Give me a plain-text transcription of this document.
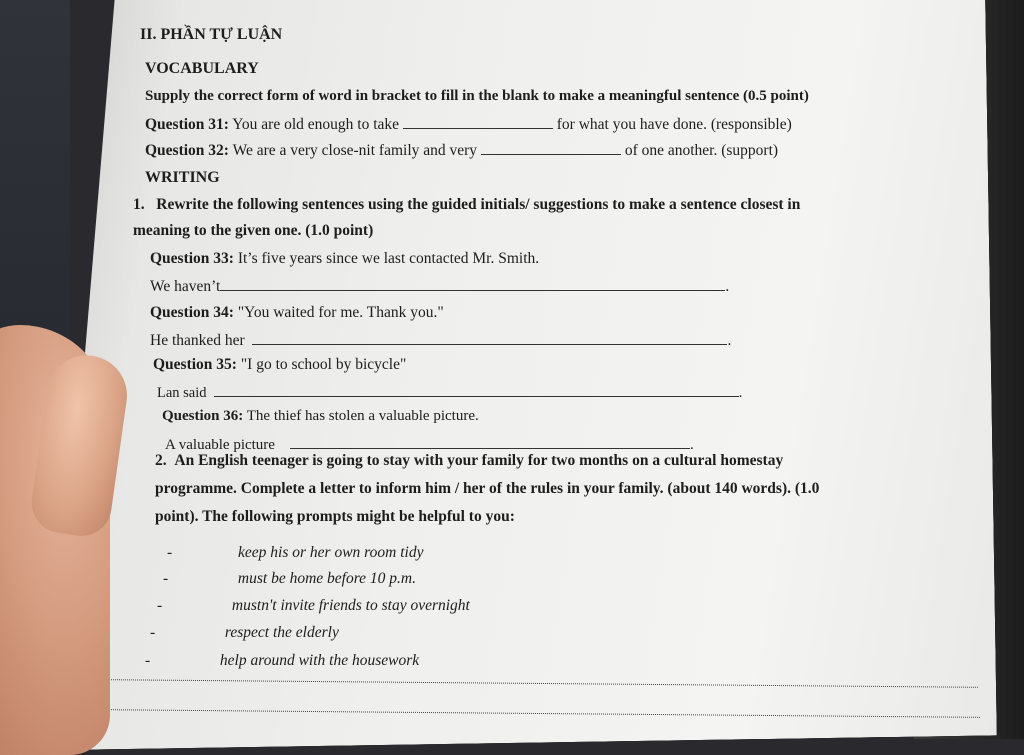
II. PHẦN TỰ LUẬN
VOCABULARY
Supply the correct form of word in bracket to fill in the blank to make a meaningful sentence (0.5 point)
Question 31: You are old enough to take	for what you have done. (responsible)
Question 32: We are a very close-nit family and very	of one another. (support)
WRITING
1. Rewrite the following sentences using the guided initials/ suggestions to make a sentence closest in
meaning to the given one. (1.0 point)
Question 33: It’s five years since we last contacted Mr. Smith.
We haven’t	.
Question 34: "You waited for me. Thank you."
He thanked her	.
Question 35: "I go to school by bicycle"
Lan said	.
Question 36: The thief has stolen a valuable picture.
A valuable picture	.
2. An English teenager is going to stay with your family for two months on a cultural homestay
programme. Complete a letter to inform him / her of the rules in your family. (about 140 words). (1.0
point). The following prompts might be helpful to you:
-                 keep his or her own room tidy
-                  must be home before 10 p.m.
-                  mustn't invite friends to stay overnight
-                  respect the elderly
-                  help around with the housework
